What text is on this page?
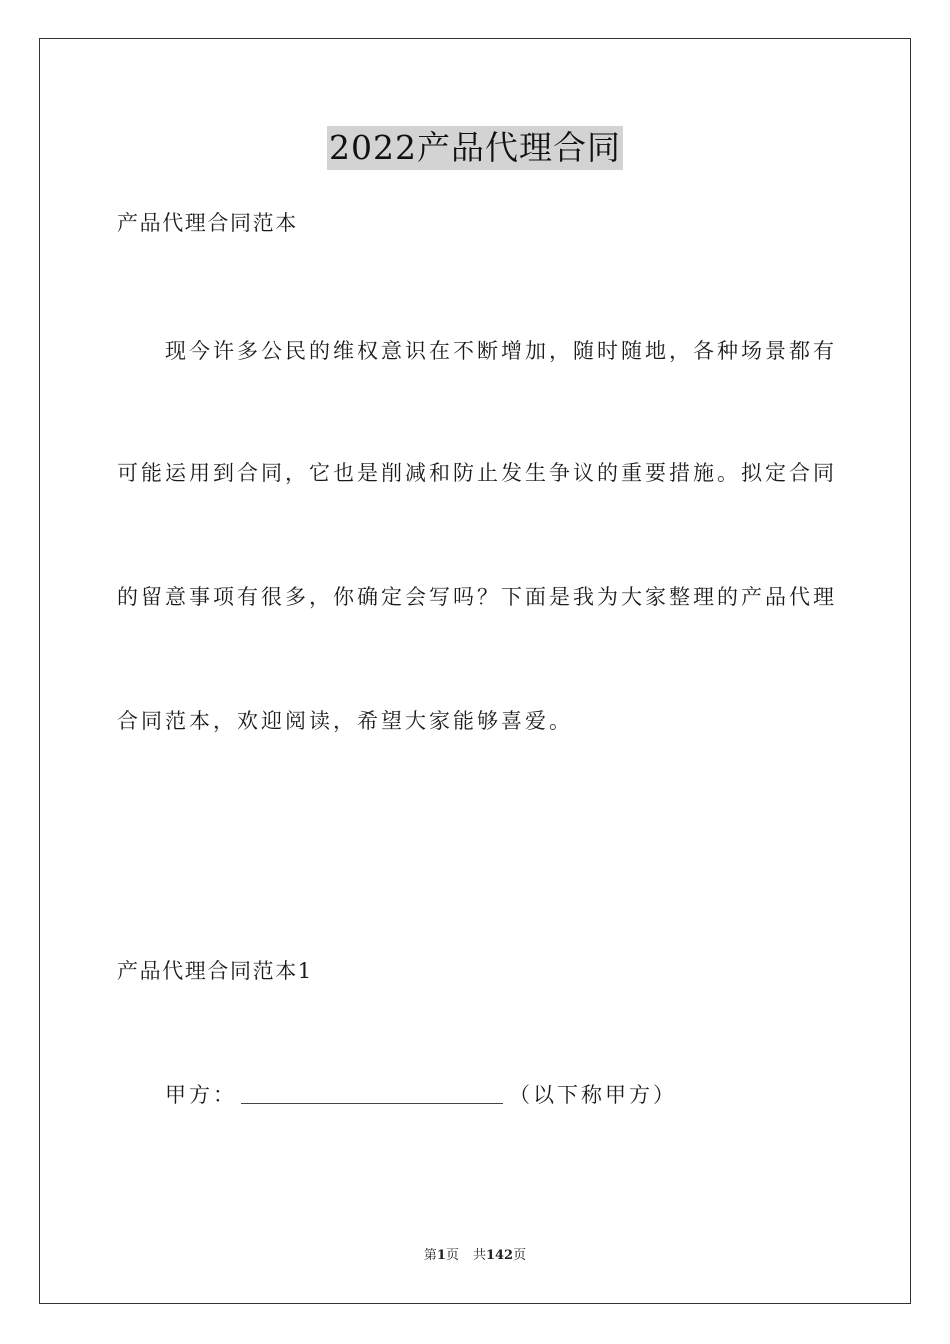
2022产品代理合同

产品代理合同范本

现今许多公民的维权意识在不断增加，随时随地，各种场景都有

可能运用到合同，它也是削减和防止发生争议的重要措施。拟定合同

的留意事项有很多，你确定会写吗？下面是我为大家整理的产品代理

合同范本，欢迎阅读，希望大家能够喜爱。

产品代理合同范本1

甲方：	（以下称甲方）

第1页 共142页
